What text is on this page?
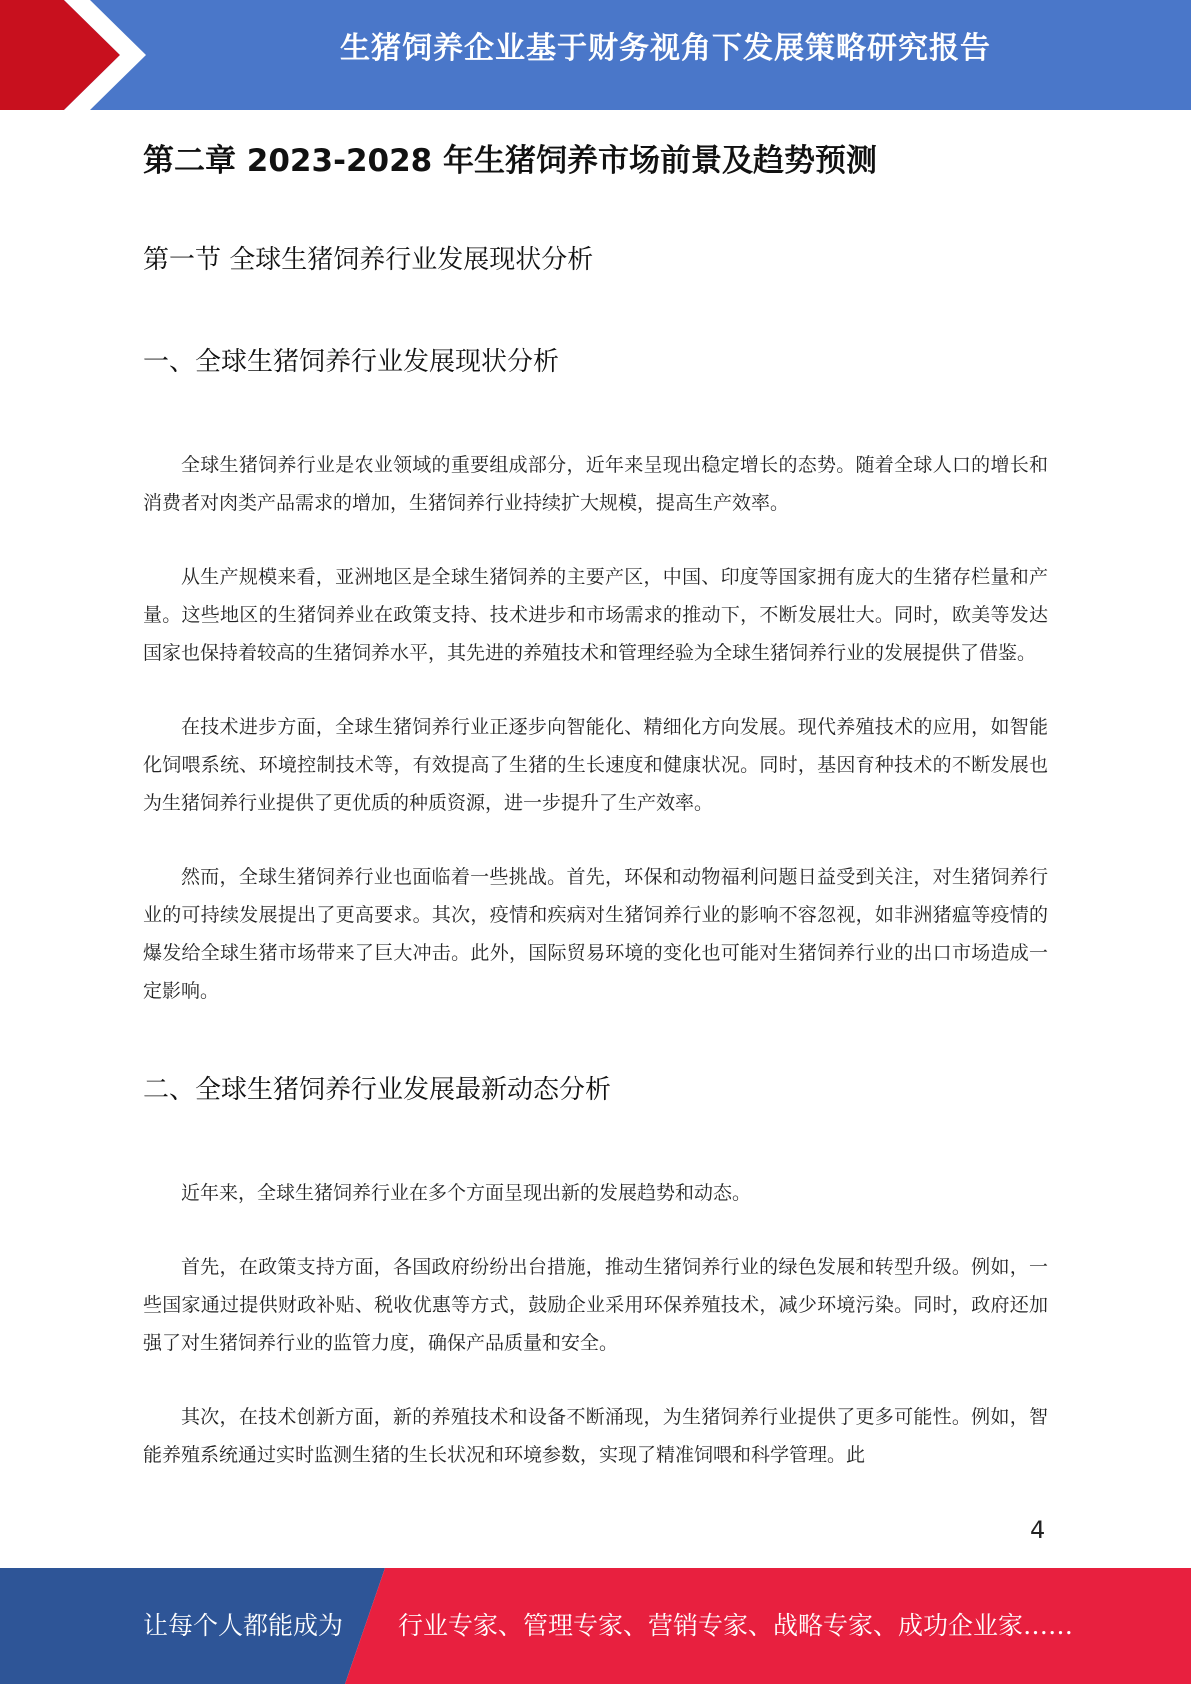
生猪饲养企业基于财务视角下发展策略研究报告
第二章 2023-2028 年生猪饲养市场前景及趋势预测
第一节 全球生猪饲养行业发展现状分析
一、全球生猪饲养行业发展现状分析

全球生猪饲养行业是农业领域的重要组成部分，近年来呈现出稳定增长的态势。随着全球人口的增长和消费者对肉类产品需求的增加，生猪饲养行业持续扩大规模，提高生产效率。

从生产规模来看，亚洲地区是全球生猪饲养的主要产区，中国、印度等国家拥有庞大的生猪存栏量和产量。这些地区的生猪饲养业在政策支持、技术进步和市场需求的推动下，不断发展壮大。同时，欧美等发达国家也保持着较高的生猪饲养水平，其先进的养殖技术和管理经验为全球生猪饲养行业的发展提供了借鉴。

在技术进步方面，全球生猪饲养行业正逐步向智能化、精细化方向发展。现代养殖技术的应用，如智能化饲喂系统、环境控制技术等，有效提高了生猪的生长速度和健康状况。同时，基因育种技术的不断发展也为生猪饲养行业提供了更优质的种质资源，进一步提升了生产效率。

然而，全球生猪饲养行业也面临着一些挑战。首先，环保和动物福利问题日益受到关注，对生猪饲养行业的可持续发展提出了更高要求。其次，疫情和疾病对生猪饲养行业的影响不容忽视，如非洲猪瘟等疫情的爆发给全球生猪市场带来了巨大冲击。此外，国际贸易环境的变化也可能对生猪饲养行业的出口市场造成一定影响。

二、全球生猪饲养行业发展最新动态分析

近年来，全球生猪饲养行业在多个方面呈现出新的发展趋势和动态。

首先，在政策支持方面，各国政府纷纷出台措施，推动生猪饲养行业的绿色发展和转型升级。例如，一些国家通过提供财政补贴、税收优惠等方式，鼓励企业采用环保养殖技术，减少环境污染。同时，政府还加强了对生猪饲养行业的监管力度，确保产品质量和安全。

其次，在技术创新方面，新的养殖技术和设备不断涌现，为生猪饲养行业提供了更多可能性。例如，智能养殖系统通过实时监测生猪的生长状况和环境参数，实现了精准饲喂和科学管理。此

4
让每个人都能成为 行业专家、管理专家、营销专家、战略专家、成功企业家……
